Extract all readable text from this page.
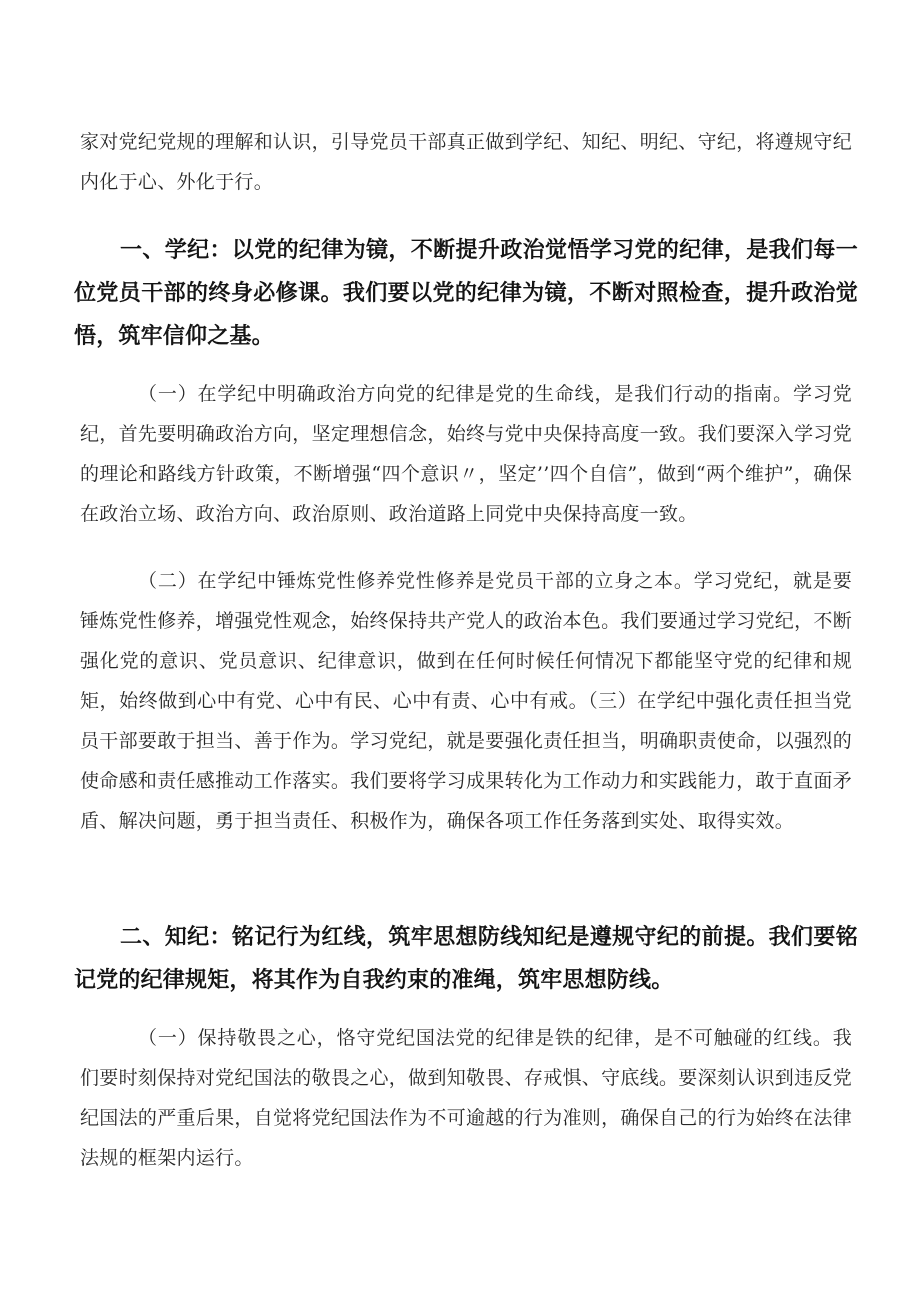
家对党纪党规的理解和认识，引导党员干部真正做到学纪、知纪、明纪、守纪，将遵规守纪内化于心、外化于行。

一、学纪：以党的纪律为镜，不断提升政治觉悟学习党的纪律，是我们每一位党员干部的终身必修课。我们要以党的纪律为镜，不断对照检查，提升政治觉悟，筑牢信仰之基。

（一）在学纪中明确政治方向党的纪律是党的生命线，是我们行动的指南。学习党纪，首先要明确政治方向，坚定理想信念，始终与党中央保持高度一致。我们要深入学习党的理论和路线方针政策，不断增强“四个意识〃，坚定’’四个自信”，做到“两个维护”，确保在政治立场、政治方向、政治原则、政治道路上同党中央保持高度一致。

（二）在学纪中锤炼党性修养党性修养是党员干部的立身之本。学习党纪，就是要锤炼党性修养，增强党性观念，始终保持共产党人的政治本色。我们要通过学习党纪，不断强化党的意识、党员意识、纪律意识，做到在任何时候任何情况下都能坚守党的纪律和规矩，始终做到心中有党、心中有民、心中有责、心中有戒。（三）在学纪中强化责任担当党员干部要敢于担当、善于作为。学习党纪，就是要强化责任担当，明确职责使命，以强烈的使命感和责任感推动工作落实。我们要将学习成果转化为工作动力和实践能力，敢于直面矛盾、解决问题，勇于担当责任、积极作为，确保各项工作任务落到实处、取得实效。

二、知纪：铭记行为红线，筑牢思想防线知纪是遵规守纪的前提。我们要铭记党的纪律规矩，将其作为自我约束的准绳，筑牢思想防线。

（一）保持敬畏之心，恪守党纪国法党的纪律是铁的纪律，是不可触碰的红线。我们要时刻保持对党纪国法的敬畏之心，做到知敬畏、存戒惧、守底线。要深刻认识到违反党纪国法的严重后果，自觉将党纪国法作为不可逾越的行为准则，确保自己的行为始终在法律法规的框架内运行。
